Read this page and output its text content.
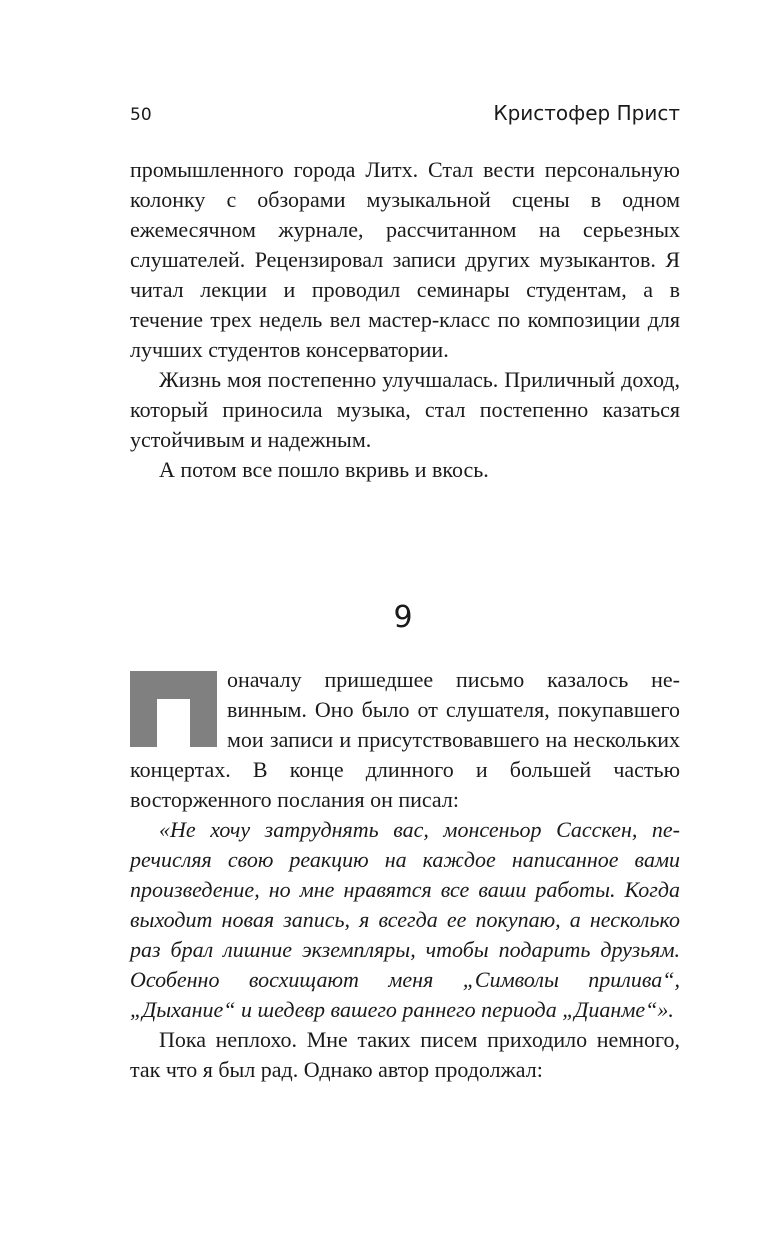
50	Кристофер Прист

промышленного города Литх. Стал вести персональную колонку с обзорами музыкальной сцены в одном ежемесячном журнале, рассчитанном на серьезных слушателей. Рецензировал записи других музыкантов. Я читал лекции и проводил семинары студентам, а в течение трех недель вел мастер-класс по композиции для лучших студентов консерватории.

Жизнь моя постепенно улучшалась. Приличный доход, который приносила музыка, стал постепенно казаться устойчивым и надежным.

А потом все пошло вкривь и вкось.

9

оначалу пришедшее письмо казалось невинным. Оно было от слушателя, покупавшего мои записи и присутствовавшего на нескольких концертах. В конце длинного и большей частью восторженного послания он писал:

«Не хочу затруднять вас, монсеньор Сасскен, перечисляя свою реакцию на каждое написанное вами произведение, но мне нравятся все ваши работы. Когда выходит новая запись, я всегда ее покупаю, а несколько раз брал лишние экземпляры, чтобы подарить друзьям. Особенно восхищают меня „Символы прилива“, „Дыхание“ и шедевр вашего раннего периода „Дианме“».

Пока неплохо. Мне таких писем приходило немного, так что я был рад. Однако автор продолжал:
